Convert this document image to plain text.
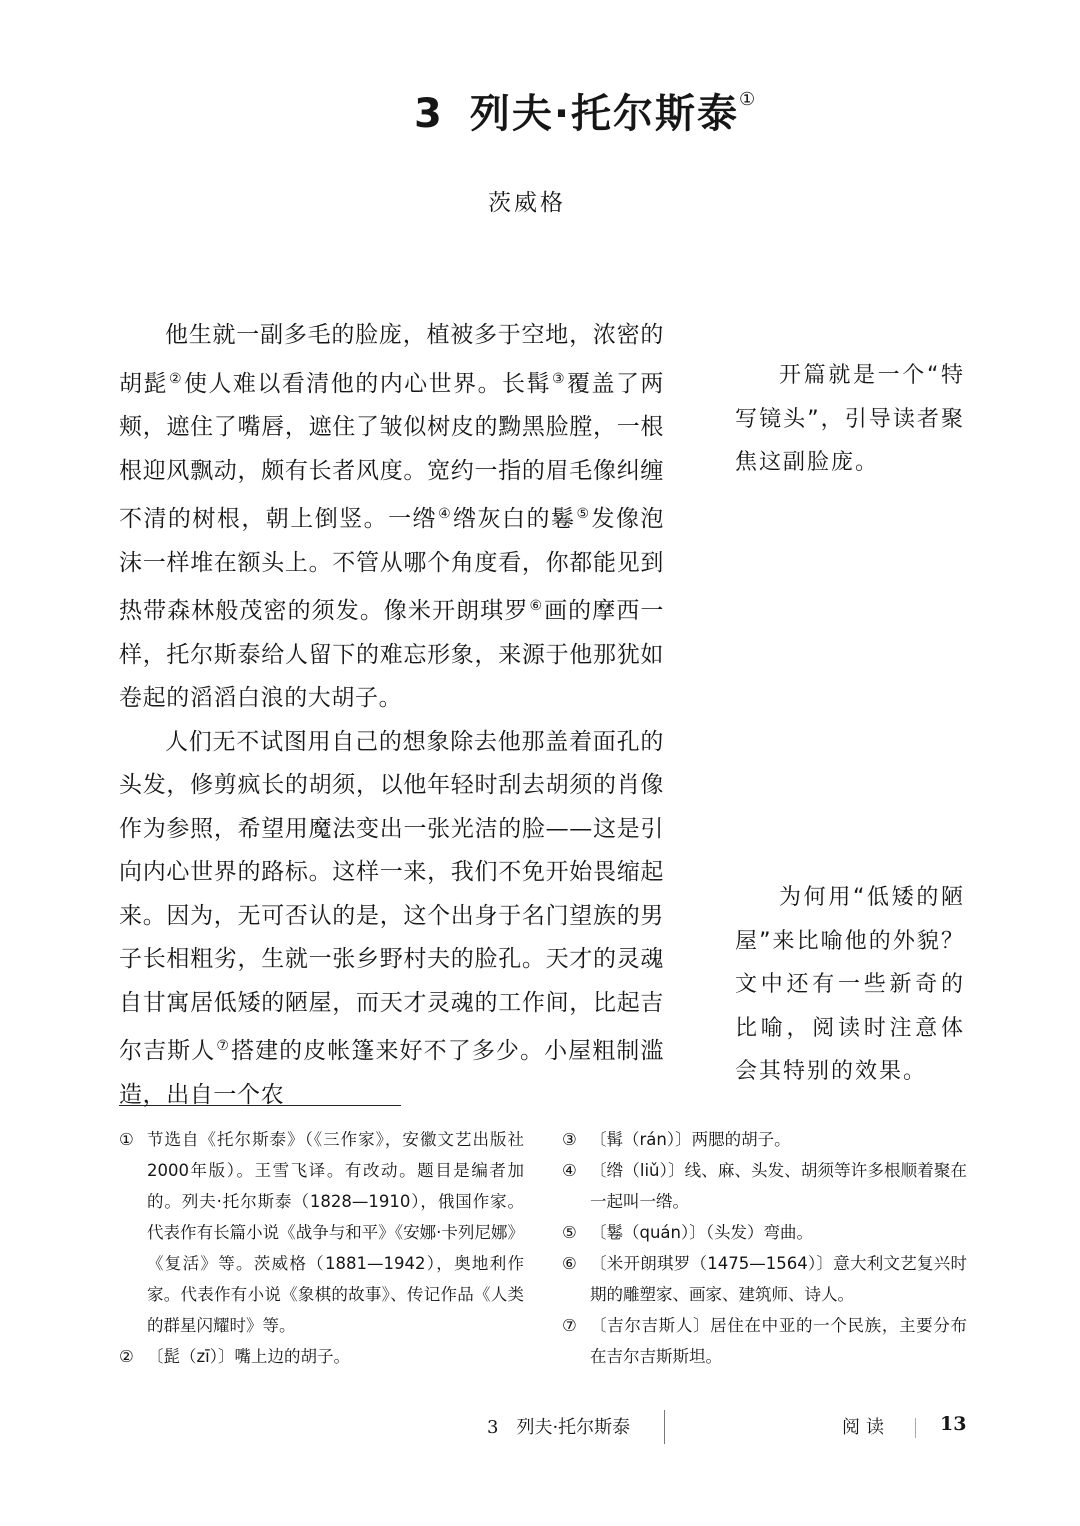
3 列夫·托尔斯泰①
茨威格

他生就一副多毛的脸庞，植被多于空地，浓密的胡髭②使人难以看清他的内心世界。长髯③覆盖了两颊，遮住了嘴唇，遮住了皱似树皮的黝黑脸膛，一根根迎风飘动，颇有长者风度。宽约一指的眉毛像纠缠不清的树根，朝上倒竖。一绺④绺灰白的鬈⑤发像泡沫一样堆在额头上。不管从哪个角度看，你都能见到热带森林般茂密的须发。像米开朗琪罗⑥画的摩西一样，托尔斯泰给人留下的难忘形象，来源于他那犹如卷起的滔滔白浪的大胡子。

人们无不试图用自己的想象除去他那盖着面孔的头发，修剪疯长的胡须，以他年轻时刮去胡须的肖像作为参照，希望用魔法变出一张光洁的脸——这是引向内心世界的路标。这样一来，我们不免开始畏缩起来。因为，无可否认的是，这个出身于名门望族的男子长相粗劣，生就一张乡野村夫的脸孔。天才的灵魂自甘寓居低矮的陋屋，而天才灵魂的工作间，比起吉尔吉斯人⑦搭建的皮帐篷来好不了多少。小屋粗制滥造，出自一个农

开篇就是一个“特写镜头”，引导读者聚焦这副脸庞。

为何用“低矮的陋屋”来比喻他的外貌？文中还有一些新奇的比喻，阅读时注意体会其特别的效果。

① 节选自《托尔斯泰》（《三作家》，安徽文艺出版社2000年版）。王雪飞译。有改动。题目是编者加的。列夫·托尔斯泰（1828—1910），俄国作家。代表作有长篇小说《战争与和平》《安娜·卡列尼娜》《复活》等。茨威格（1881—1942），奥地利作家。代表作有小说《象棋的故事》、传记作品《人类的群星闪耀时》等。
② 〔髭（zī）〕嘴上边的胡子。
③ 〔髯（rán）〕两腮的胡子。
④ 〔绺（liǔ）〕线、麻、头发、胡须等许多根顺着聚在一起叫一绺。
⑤ 〔鬈（quán）〕（头发）弯曲。
⑥ 〔米开朗琪罗（1475—1564）〕意大利文艺复兴时期的雕塑家、画家、建筑师、诗人。
⑦ 〔吉尔吉斯人〕居住在中亚的一个民族，主要分布在吉尔吉斯斯坦。
3　列夫·托尔斯泰	阅读	13
